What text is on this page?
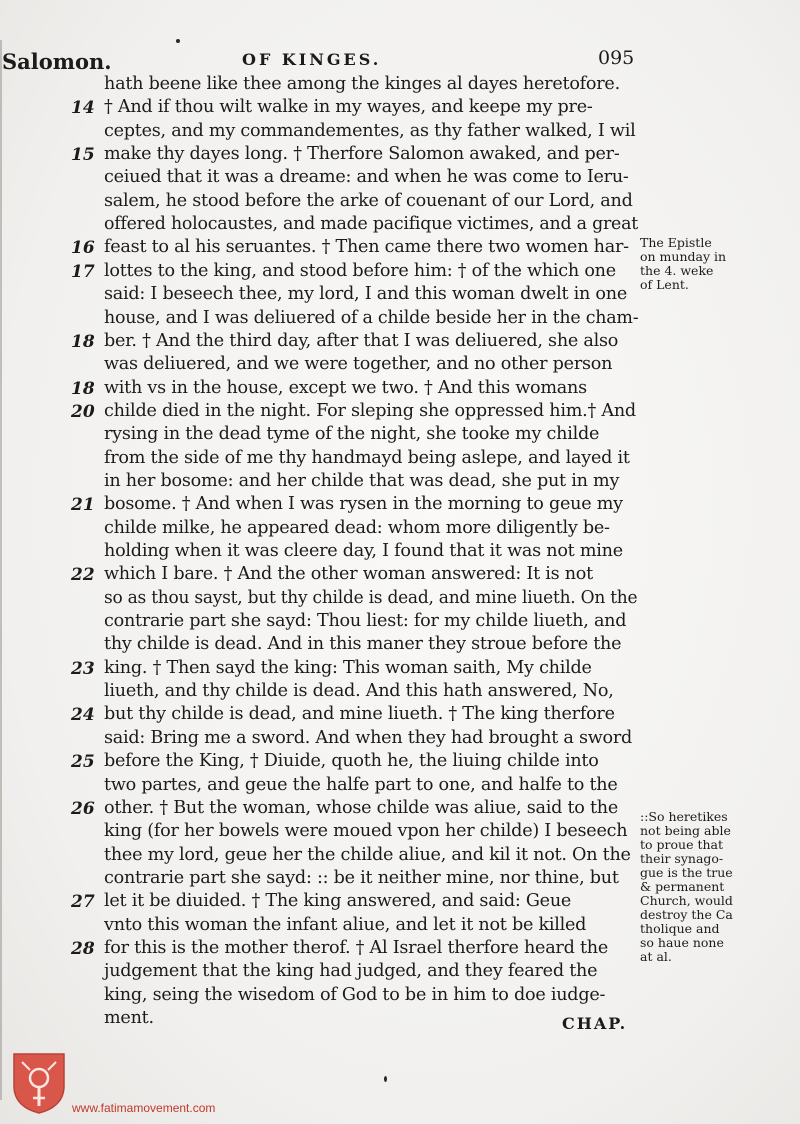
Salomon.	OF KINGES.	095
hath beene like thee among the kinges al dayes heretofore.
14 † And if thou wilt walke in my wayes, and keepe my pre-
ceptes, and my commandementes, as thy father walked, I wil
15 make thy dayes long. † Therfore Salomon awaked, and per-
ceiued that it was a dreame: and when he was come to Ieru-
salem, he stood before the arke of couenant of our Lord, and
offered holocaustes, and made pacifique victimes, and a great
16 feast to al his seruantes. † Then came there two women har-
17 lottes to the king, and stood before him: † of the which one
said: I beseech thee, my lord, I and this woman dwelt in one
house, and I was deliuered of a childe beside her in the cham-
18 ber. † And the third day, after that I was deliuered, she also
was deliuered, and we were together, and no other person
18 with vs in the house, except we two. † And this womans
20 childe died in the night. For sleping she oppressed him.† And
rysing in the dead tyme of the night, she tooke my childe
from the side of me thy handmayd being aslepe, and layed it
in her bosome: and her childe that was dead, she put in my
21 bosome. † And when I was rysen in the morning to geue my
childe milke, he appeared dead: whom more diligently be-
holding when it was cleere day, I found that it was not mine
22 which I bare. † And the other woman answered: It is not
so as thou sayst, but thy childe is dead, and mine liueth. On the
contrarie part she sayd: Thou liest: for my childe liueth, and
thy childe is dead. And in this maner they stroue before the
23 king. † Then sayd the king: This woman saith, My childe
liueth, and thy childe is dead. And this hath answered, No,
24 but thy childe is dead, and mine liueth. † The king therfore
said: Bring me a sword. And when they had brought a sword
25 before the King, † Diuide, quoth he, the liuing childe into
two partes, and geue the halfe part to one, and halfe to the
26 other. † But the woman, whose childe was aliue, said to the
king (for her bowels were moued vpon her childe) I beseech
thee my lord, geue her the childe aliue, and kil it not. On the
contrarie part she sayd: :: be it neither mine, nor thine, but
27 let it be diuided. † The king answered, and said: Geue
vnto this woman the infant aliue, and let it not be killed
28 for this is the mother therof. † Al Israel therfore heard the
judgement that the king had judged, and they feared the
king, seing the wisedom of God to be in him to doe iudge-
ment.
The Epistle
on munday in
the 4. weke
of Lent.
::So heretikes
not being able
to proue that
their synago-
gue is the true
& permanent
Church, would
destroy the Ca
tholique and
so haue none
at al.
CHAP.
www.fatimamovement.com
